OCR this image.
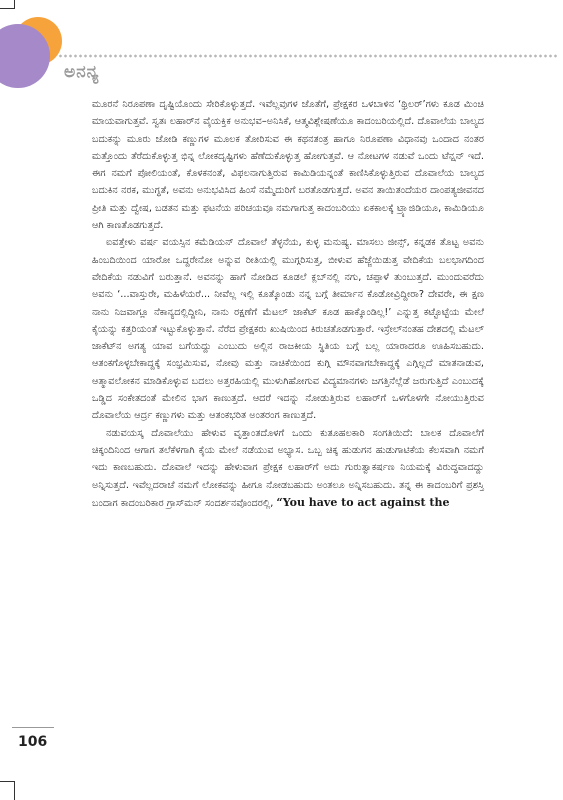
ಅನನ್ಯ

ಮೂರನೆ ನಿರೂಪಣಾ ದೃಷ್ಟಿಯೊಂದು ಸೇರಿಕೊಳ್ಳುತ್ತದೆ. ಇವೆಲ್ಲವುಗಳ ಜೊತೆಗೆ, ಪ್ರೇಕ್ಷಕರ ಒಳಬಾಳಿನ ‘ಥ್ರಿಲರ್’ಗಳು ಕೂಡ ಮಿಂಚಿ ಮಾಯವಾಗುತ್ತವೆ. ಸ್ವತಃ ಲಹಾರ್‌ನ ವೈಯಕ್ತಿಕ ಅನುಭವ–ಅನಿಸಿಕೆ, ಆತ್ಮವಿಶ್ಲೇಷಣೆಯೂ ಕಾದಂಬರಿಯಲ್ಲಿದೆ. ದೊವಾಲೆಯ ಬಾಲ್ಯದ ಬದುಕನ್ನು ಮೂರು ಜೋಡಿ ಕಣ್ಣುಗಳ ಮೂಲಕ ತೋರಿಸುವ ಈ ಕಥನತಂತ್ರ ಹಾಗೂ ನಿರೂಪಣಾ ವಿಧಾನವು ಒಂದಾದ ನಂತರ ಮತ್ತೊಂದು ತೆರೆದುಕೊಳ್ಳುತ್ತ ಭಿನ್ನ ಲೋಕದೃಷ್ಟಿಗಳು ಹೆಣೆದುಕೊಳ್ಳುತ್ತ ಹೋಗುತ್ತವೆ. ಆ ನೋಟಗಳ ನಡುವೆ ಒಂದು ಟೆನ್ಷನ್ ಇದೆ. ಈಗ ನಮಗೆ ಪೋಲಿಯಂತೆ, ಕೊಳಕನಂತೆ, ವಿಫಲನಾಗುತ್ತಿರುವ ಕಾಮಿಡಿಯನ್ನಂತೆ ಕಾಣಿಸಿಕೊಳ್ಳುತ್ತಿರುವ ದೊವಾಲೆಯ ಬಾಲ್ಯದ ಬದುಕಿನ ನರಕ, ಮುಗ್ಧತೆ, ಅವನು ಅನುಭವಿಸಿದ ಹಿಂಸೆ ನಮ್ಮೆದುರಿಗೆ ಬರತೊಡಗುತ್ತದೆ. ಅವನ ತಾಯಿತಂದೆಯರ ದಾಂಪತ್ಯಜೀವನದ ಪ್ರೀತಿ ಮತ್ತು ದ್ವೇಷ, ಬಡತನ ಮತ್ತು ಫಟನೆಯ ಪರಿಚಯವೂ ನಮಗಾಗುತ್ತ ಕಾದಂಬರಿಯು ಏಕಕಾಲಕ್ಕೆ ಟ್ರ್ಯಾಜಿಡಿಯೂ, ಕಾಮಿಡಿಯೂ ಆಗಿ ಕಾಣತೊಡಗುತ್ತದೆ.

ಐವತ್ತೇಳು ವರ್ಷ ವಯಸ್ಸಿನ ಕಮೆಡಿಯನ್ ದೊವಾಲೆ ತೆಳ್ಳನೆಯ, ಕುಳ್ಳ ಮನುಷ್ಯ. ಮಾಸಲು ಜೀನ್ಸ್, ಕನ್ನಡಕ ತೊಟ್ಟ ಅವನು ಹಿಂಬದಿಯಿಂದ ಯಾರೋ ಒದ್ದರೇನೋ ಅನ್ನುವ ರೀತಿಯಲ್ಲಿ ಮುಗ್ಗರಿಸುತ್ತ, ಬೀಳುವ ಹೆಜ್ಜೆಯಿಡುತ್ತ ವೇದಿಕೆಯ ಬಲಭಾಗದಿಂದ ವೇದಿಕೆಯ ನಡುವಿಗೆ ಬರುತ್ತಾನೆ. ಅವನನ್ನು ಹಾಗೆ ನೋಡಿದ ಕೂಡಲೆ ಕ್ಲಬ್‌ನಲ್ಲಿ ನಗು, ಚಪ್ಪಾಳೆ ತುಂಬುತ್ತದೆ. ಮುಂದುವರೆದು ಅವನು ‘...ವಾಸ್ತುರೇ, ಮಹಿಳೆಯರೆ... ನೀವೆಲ್ಲ ಇಲ್ಲಿ ಕೂತ್ಕೊಂಡು ನನ್ನ ಬಗ್ಗೆ ತೀರ್ಮಾನ ಕೊಡೋವ್ರಿದ್ದೀರಾ? ದೇವರೇ, ಈ ಕ್ಷಣ ನಾನು ನಿಜವಾಗ್ಲೂ ನೆಕಾನ್ಯದಲ್ಲಿದ್ದೀನಿ, ನಾನು ರಕ್ಷಣೆಗೆ ಮೆಟಲ್ ಜಾಕೆಟ್ ಕೂಡ ಹಾಕ್ಕೊಂಡಿಲ್ಲ!’ ಎನ್ನುತ್ತ ಕಟ್ಟೊಟ್ಟೆಯ ಮೇಲೆ ಕೈಯನ್ನು ಕತ್ತರಿಯಂತೆ ಇಟ್ಟುಕೊಳ್ಳುತ್ತಾನೆ. ನೆರೆದ ಪ್ರೇಕ್ಷಕರು ಖುಷಿಯಿಂದ ಕಿರುಚತೊಡಗುತ್ತಾರೆ. ಇಸ್ರೇಲ್‌ನಂತಹ ದೇಶದಲ್ಲಿ ಮೆಟಲ್ ಜಾಕೆಟ್‌ನ ಅಗತ್ಯ ಯಾವ ಬಗೆಯದ್ದು ಎಂಬುದು ಅಲ್ಲಿನ ರಾಜಕೀಯ ಸ್ಥಿತಿಯ ಬಗ್ಗೆ ಬಲ್ಲ ಯಾರಾದರೂ ಊಹಿಸಬಹುದು. ಆತಂಕಗೊಳ್ಳಬೇಕಾದ್ದಕ್ಕೆ ಸಂಭ್ರಮಿಸುವ, ನೋವು ಮತ್ತು ನಾಚಿಕೆಯಿಂದ ಕುಗ್ಗಿ ಮೌನವಾಗಬೇಕಾದ್ದಕ್ಕೆ ಎಗ್ಗಿಲ್ಲದೆ ಮಾತನಾಡುವ, ಆತ್ಮಾವಲೋಕನ ಮಾಡಿಕೊಳ್ಳುವ ಬದಲು ಅತ್ತರಹಿಯಲ್ಲಿ ಮುಳುಗಿಹೋಗುವ ವಿದ್ಯಮಾನಗಳು ಜಗತ್ತಿನೆಲ್ಲೆಡೆ ಜರುಗುತ್ತಿದೆ ಎಂಬುದಕ್ಕೆ ಒಡ್ಡಿದ ಸಂಕೇತದಂತೆ ಮೇಲಿನ ಭಾಗ ಕಾಣುತ್ತದೆ. ಆದರೆ ಇದನ್ನು ನೋಡುತ್ತಿರುವ ಲಹಾರ್‌ಗೆ ಒಳಗೊಳಗೇ ನೋಯುತ್ತಿರುವ ದೊವಾಲೆಯ ಆರ್ದ್ರ ಕಣ್ಣುಗಳು ಮತ್ತು ಆತಂಕಭರಿತ ಅಂತರಂಗ ಕಾಣುತ್ತದೆ.

ನಡುವಯಸ್ಕ ದೊವಾಲೆಯು ಹೇಳುವ ವೃತ್ತಾಂತದೊಳಗೆ ಒಂದು ಕುತೂಹಲಕಾರಿ ಸಂಗತಿಯಿದೆ: ಬಾಲಕ ದೊವಾಲೆಗೆ ಚಿಕ್ಕಂದಿನಿಂದ ಆಗಾಗ ತಲೆಕೆಳಗಾಗಿ ಕೈಯ ಮೇಲೆ ನಡೆಯುವ ಅಭ್ಯಾಸ. ಒಬ್ಬ ಚಿಕ್ಕ ಹುಡುಗನ ಹುಡುಗಾಟಿಕೆಯ ಕೆಲಸವಾಗಿ ನಮಗೆ ಇದು ಕಾಣಬಹುದು. ದೊವಾಲೆ ಇದನ್ನು ಹೇಳುವಾಗ ಪ್ರೇಕ್ಷಕ ಲಹಾರ್‌ಗೆ ಅದು ಗುರುತ್ವಾಕರ್ಷಣ ನಿಯಮಕ್ಕೆ ವಿರುದ್ಧವಾದದ್ದು ಅನ್ನಿಸುತ್ತದೆ. ಇವೆಲ್ಲದರಾಚೆ ನಮಗೆ ಲೋಕವನ್ನು ಹೀಗೂ ನೋಡಬಹುದು ಅಂತಲೂ ಅನ್ನಿಸಬಹುದು. ತನ್ನ ಈ ಕಾದಂಬರಿಗೆ ಪ್ರಶಸ್ತಿ ಬಂದಾಗ ಕಾದಂಬರಿಕಾರ ಗ್ರಾಸ್‌ಮನ್ ಸಂದರ್ಶನವೊಂದರಲ್ಲಿ, “You have to act against the

106
